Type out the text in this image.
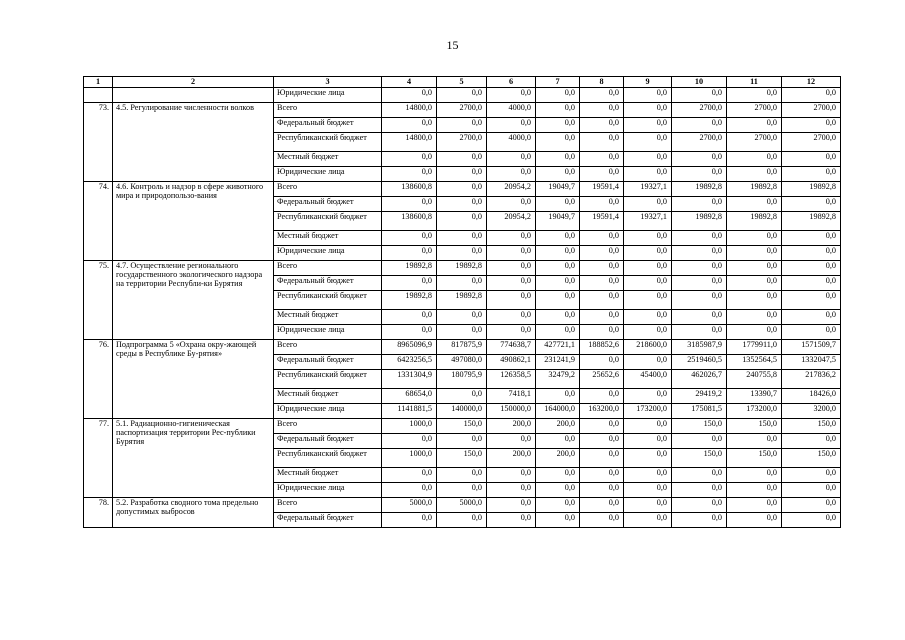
15
1	2	3	4	5	6	7	8	9	10	11	12
		Юридические лица	0,0	0,0	0,0	0,0	0,0	0,0	0,0	0,0	0,0
73.	4.5. Регулирование численности волков	Всего	14800,0	2700,0	4000,0	0,0	0,0	0,0	2700,0	2700,0	2700,0
		Федеральный бюджет	0,0	0,0	0,0	0,0	0,0	0,0	0,0	0,0	0,0
		Республиканский бюджет	14800,0	2700,0	4000,0	0,0	0,0	0,0	2700,0	2700,0	2700,0
		Местный бюджет	0,0	0,0	0,0	0,0	0,0	0,0	0,0	0,0	0,0
		Юридические лица	0,0	0,0	0,0	0,0	0,0	0,0	0,0	0,0	0,0
74.	4.6. Контроль и надзор в сфере животного мира и природопользо-вания	Всего	138600,8	0,0	20954,2	19049,7	19591,4	19327,1	19892,8	19892,8	19892,8
		Федеральный бюджет	0,0	0,0	0,0	0,0	0,0	0,0	0,0	0,0	0,0
		Республиканский бюджет	138600,8	0,0	20954,2	19049,7	19591,4	19327,1	19892,8	19892,8	19892,8
		Местный бюджет	0,0	0,0	0,0	0,0	0,0	0,0	0,0	0,0	0,0
		Юридические лица	0,0	0,0	0,0	0,0	0,0	0,0	0,0	0,0	0,0
75.	4.7. Осуществление регионального государственного экологического надзора на территории Республи-ки Бурятия	Всего	19892,8	19892,8	0,0	0,0	0,0	0,0	0,0	0,0	0,0
		Федеральный бюджет	0,0	0,0	0,0	0,0	0,0	0,0	0,0	0,0	0,0
		Республиканский бюджет	19892,8	19892,8	0,0	0,0	0,0	0,0	0,0	0,0	0,0
		Местный бюджет	0,0	0,0	0,0	0,0	0,0	0,0	0,0	0,0	0,0
		Юридические лица	0,0	0,0	0,0	0,0	0,0	0,0	0,0	0,0	0,0
76.	Подпрограмма 5 «Охрана окру-жающей среды в Республике Бу-рятия»	Всего	8965096,9	817875,9	774638,7	427721,1	188852,6	218600,0	3185987,9	1779911,0	1571509,7
		Федеральный бюджет	6423256,5	497080,0	490862,1	231241,9	0,0	0,0	2519460,5	1352564,5	1332047,5
		Республиканский бюджет	1331304,9	180795,9	126358,5	32479,2	25652,6	45400,0	462026,7	240755,8	217836,2
		Местный бюджет	68654,0	0,0	7418,1	0,0	0,0	0,0	29419,2	13390,7	18426,0
		Юридические лица	1141881,5	140000,0	150000,0	164000,0	163200,0	173200,0	175081,5	173200,0	3200,0
77.	5.1. Радиационно-гигиеническая паспортизация территории Рес-публики Бурятия	Всего	1000,0	150,0	200,0	200,0	0,0	0,0	150,0	150,0	150,0
		Федеральный бюджет	0,0	0,0	0,0	0,0	0,0	0,0	0,0	0,0	0,0
		Республиканский бюджет	1000,0	150,0	200,0	200,0	0,0	0,0	150,0	150,0	150,0
		Местный бюджет	0,0	0,0	0,0	0,0	0,0	0,0	0,0	0,0	0,0
		Юридические лица	0,0	0,0	0,0	0,0	0,0	0,0	0,0	0,0	0,0
78.	5.2. Разработка сводного тома предельно допустимых выбросов	Всего	5000,0	5000,0	0,0	0,0	0,0	0,0	0,0	0,0	0,0
		Федеральный бюджет	0,0	0,0	0,0	0,0	0,0	0,0	0,0	0,0	0,0
